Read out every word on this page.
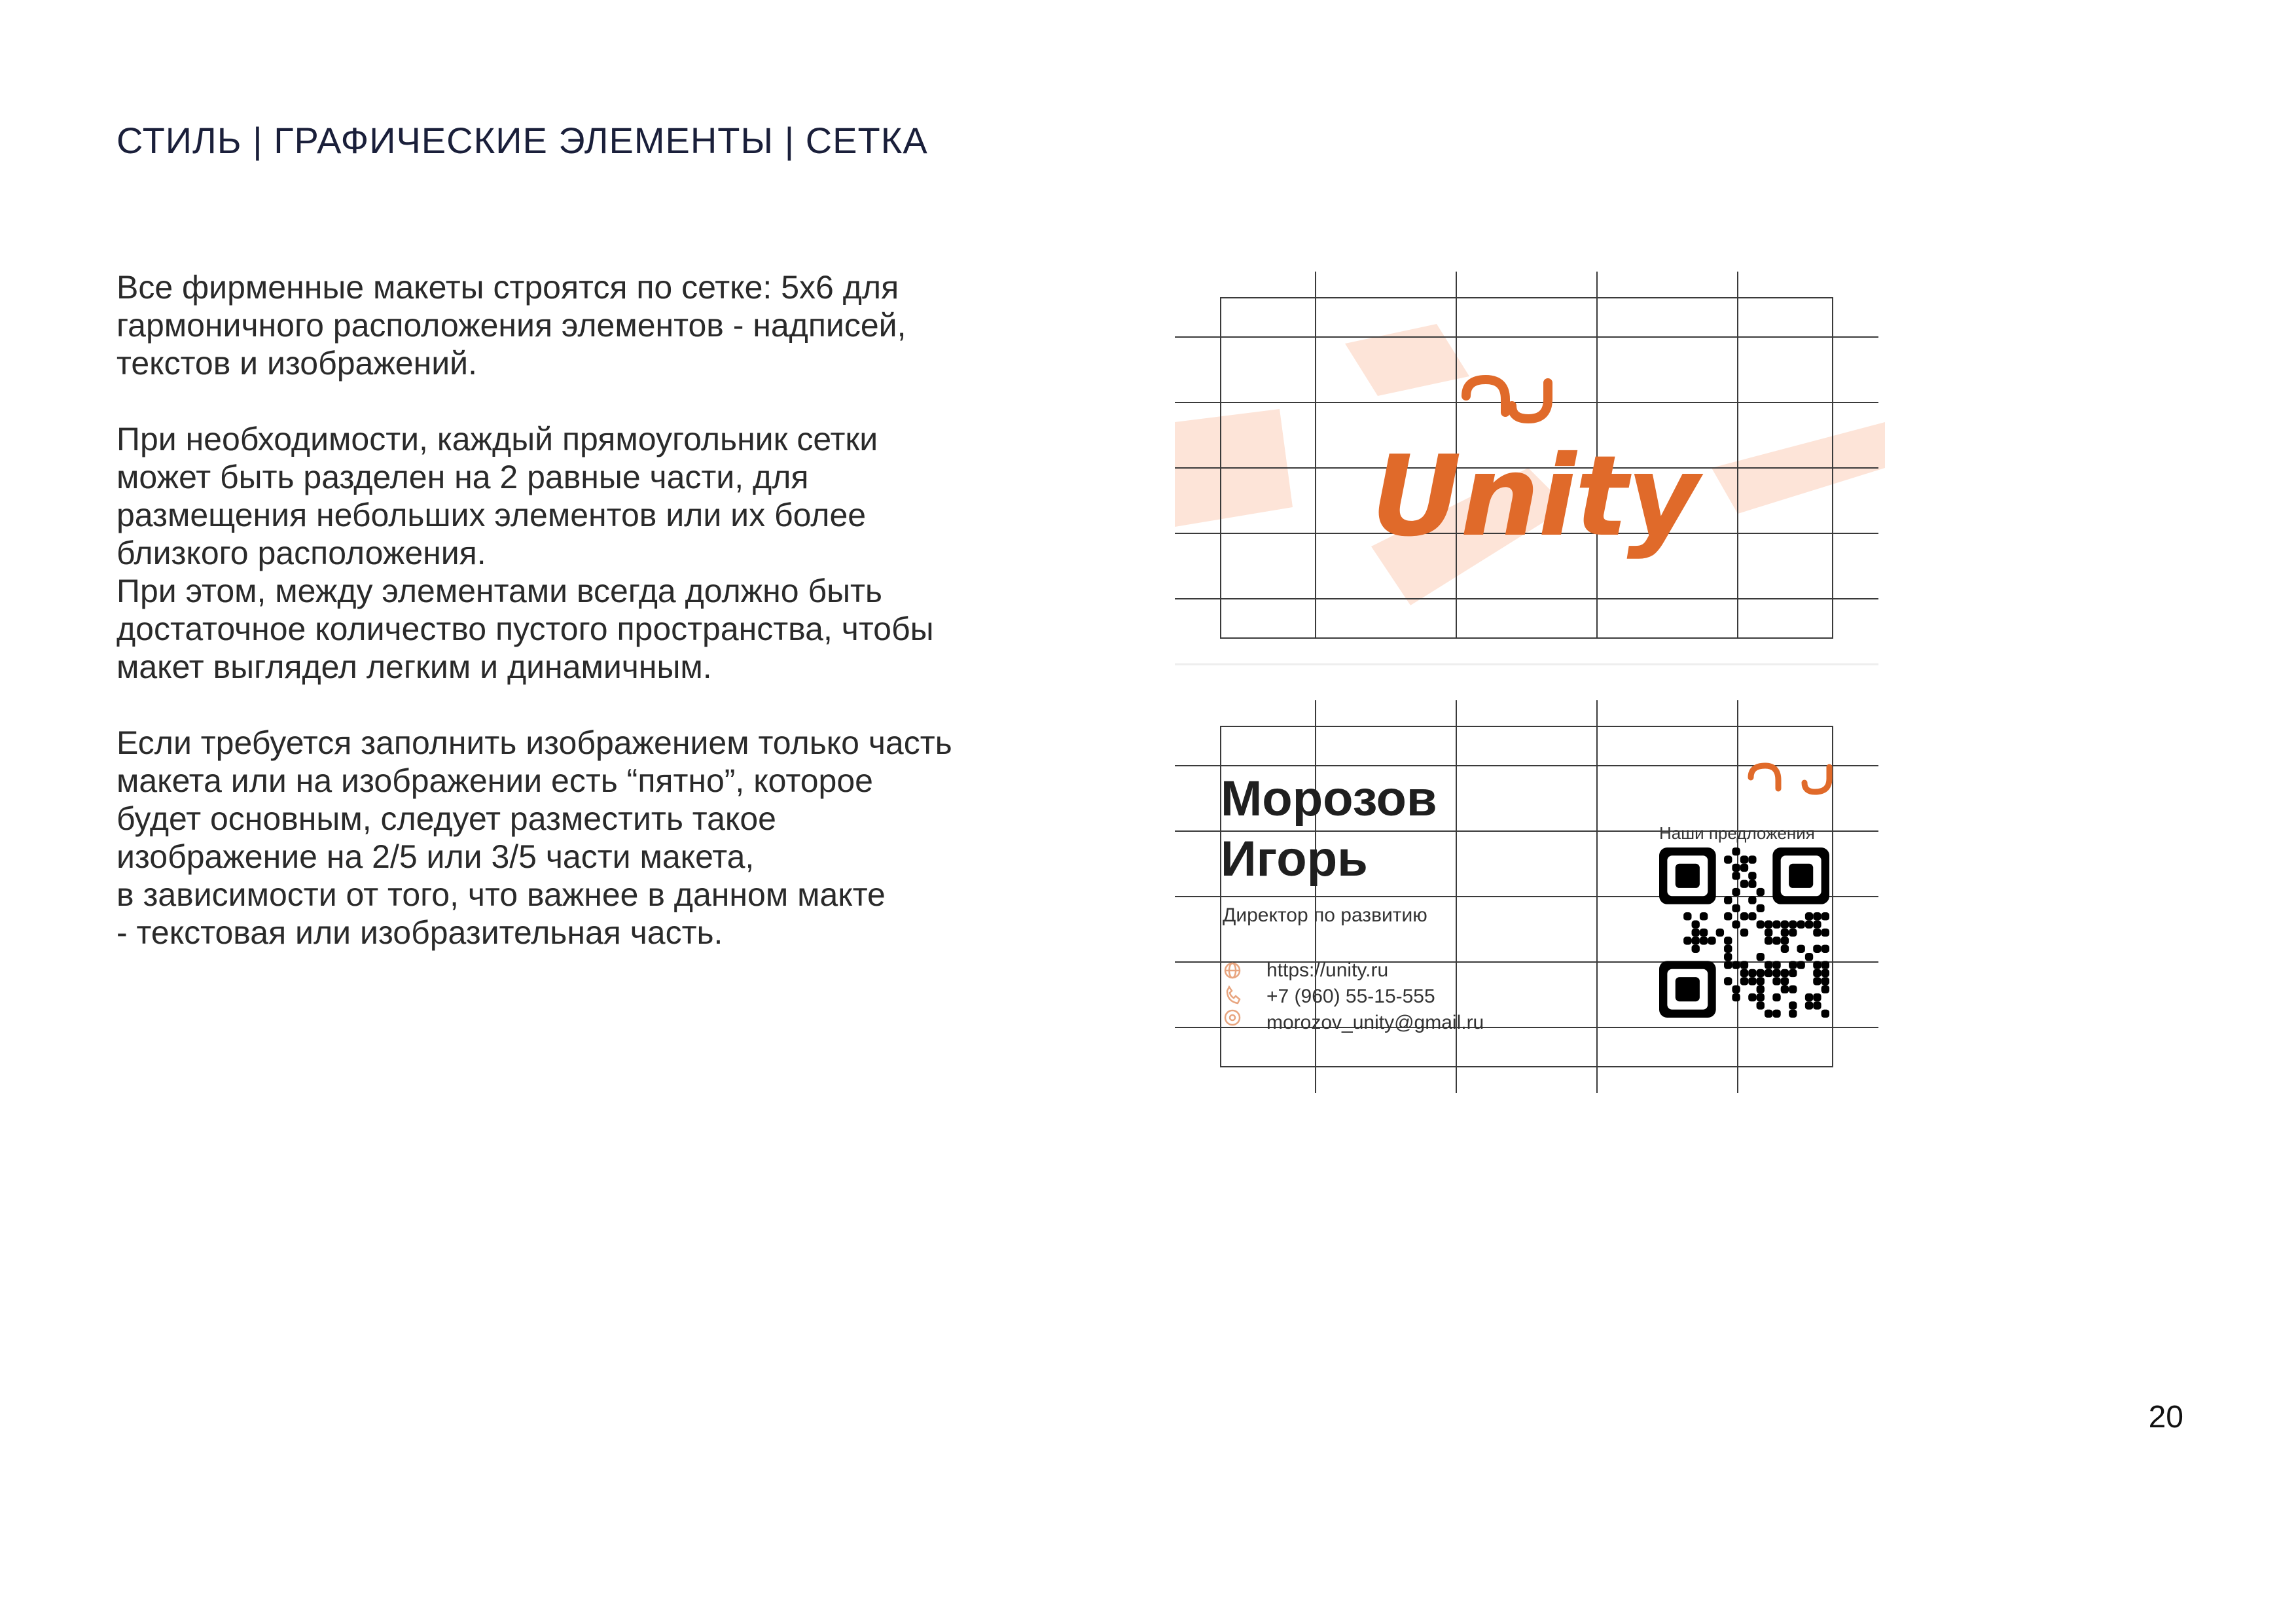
СТИЛЬ | ГРАФИЧЕСКИЕ ЭЛЕМЕНТЫ | СЕТКА

Все фирменные макеты строятся по сетке: 5х6 для

гармоничного расположения элементов - надписей,

текстов и изображений.

При необходимости, каждый прямоугольник сетки

может быть разделен на 2 равные части, для

размещения небольших элементов или их более

близкого расположения.

При этом, между элементами всегда должно быть

достаточное количество пустого пространства, чтобы

макет выглядел легким и динамичным.

Если требуется заполнить изображением только часть

макета или на изображении есть “пятно”, которое

будет основным, следует разместить такое

изображение на 2/5 или 3/5 части макета,

в зависимости от того, что важнее в данном макте

- текстовая или изобразительная часть.

Unity
Морозов
Игорь
Директор по развитию
https://unity.ru
+7 (960) 55-15-555
morozov_unity@gmail.ru
Наши предложения
20
